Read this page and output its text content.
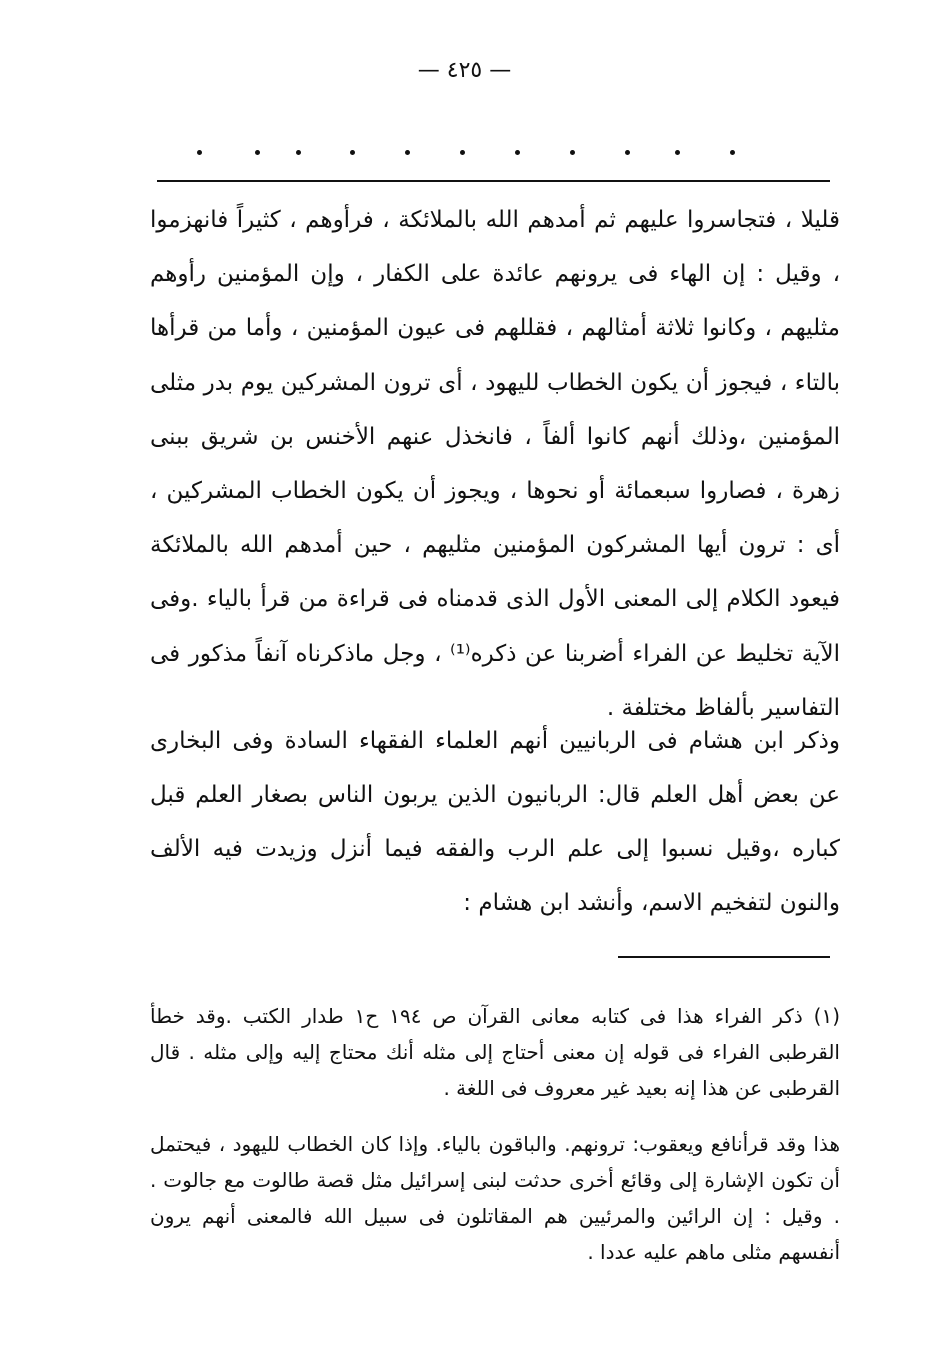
— ٤٢٥ —

قليلا ، فتجاسروا عليهم ثم أمدهم الله بالملائكة ، فرأوهم ، كثيراً فانهزموا ، وقيل : إن الهاء فى يرونهم عائدة على الكفار ، وإن المؤمنين رأوهم مثليهم ، وكانوا ثلاثة أمثالهم ، فقللهم فى عيون المؤمنين ، وأما من قرأها بالتاء ، فيجوز أن يكون الخطاب لليهود ، أى ترون المشركين يوم بدر مثلى المؤمنين ،وذلك أنهم كانوا ألفاً ، فانخذل عنهم الأخنس بن شريق ببنى زهرة ، فصاروا سبعمائة أو نحوها ، ويجوز أن يكون الخطاب المشركين ، أى : ترون أيها المشركون المؤمنين مثليهم ، حين أمدهم الله بالملائكة فيعود الكلام إلى المعنى الأول الذى قدمناه فى قراءة من قرأ بالياء .وفى الآية تخليط عن الفراء أضربنا عن ذكره⁽¹⁾ ، وجل ماذكرناه آنفاً مذكور فى التفاسير بألفاظ مختلفة .

وذكر ابن هشام فى الربانيين أنهم العلماء الفقهاء السادة وفى البخارى عن بعض أهل العلم قال: الربانيون الذين يربون الناس بصغار العلم قبل كباره ،وقيل نسبوا إلى علم الرب والفقه فيما أنزل وزيدت فيه الألف والنون لتفخيم الاسم، وأنشد ابن هشام :

(١) ذكر الفراء هذا فى كتابه معانى القرآن ص ١٩٤ ح١ طدار الكتب .وقد خطأ القرطبى الفراء فى قوله إن معنى أحتاج إلى مثله أنك محتاج إليه وإلى مثله . قال القرطبى عن هذا إنه بعيد غير معروف فى اللغة .

هذا وقد قرأنافع ويعقوب: ترونهم. والباقون بالياء. وإذا كان الخطاب لليهود ، فيحتمل أن تكون الإشارة إلى وقائع أخرى حدثت لبنى إسرائيل مثل قصة طالوت مع جالوت . . وقيل : إن الرائين والمرئيين هم المقاتلون فى سبيل الله فالمعنى أنهم يرون أنفسهم مثلى ماهم عليه عددا .
